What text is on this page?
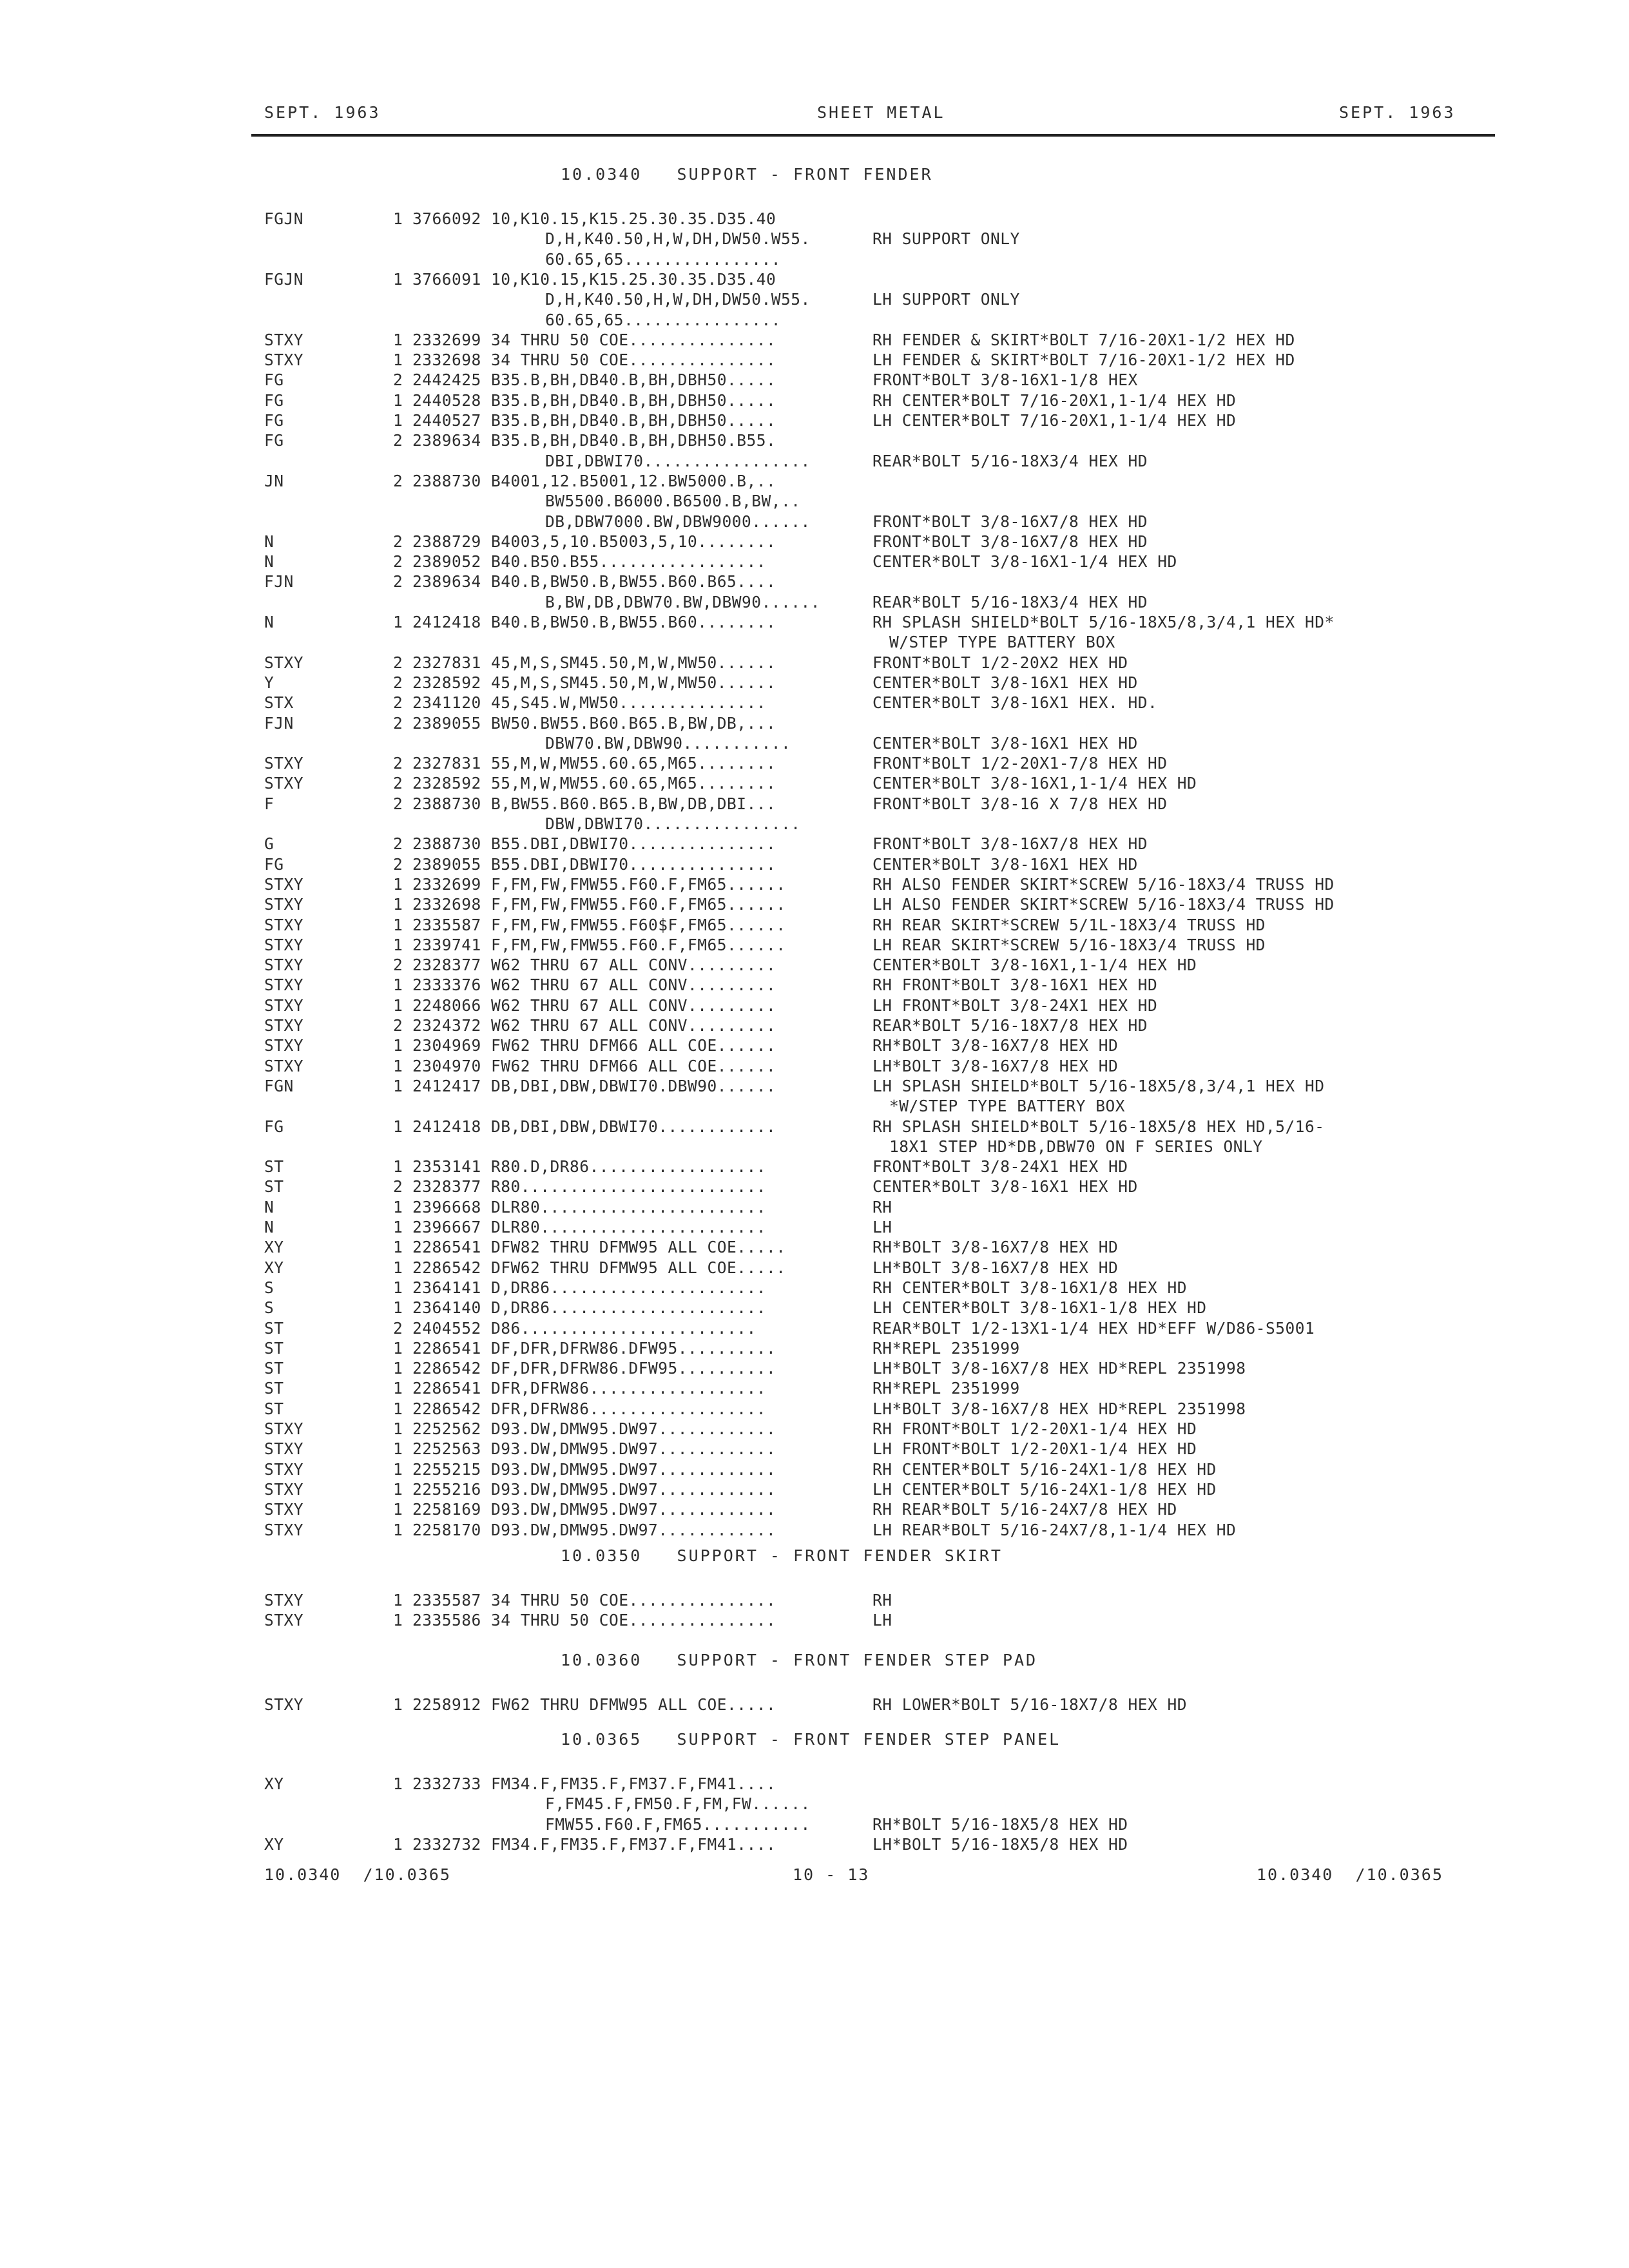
SEPT. 1963	SHEET METAL	SEPT. 1963
10.0340   SUPPORT - FRONT FENDER
FGJN	1 3766092 10,K10.15,K15.25.30.35.D35.40
D,H,K40.50,H,W,DH,DW50.W55.	RH SUPPORT ONLY
60.65,65................
FGJN	1 3766091 10,K10.15,K15.25.30.35.D35.40
D,H,K40.50,H,W,DH,DW50.W55.	LH SUPPORT ONLY
60.65,65................
STXY	1 2332699 34 THRU 50 COE...............	RH FENDER & SKIRT*BOLT 7/16-20X1-1/2 HEX HD
STXY	1 2332698 34 THRU 50 COE...............	LH FENDER & SKIRT*BOLT 7/16-20X1-1/2 HEX HD
FG	2 2442425 B35.B,BH,DB40.B,BH,DBH50.....	FRONT*BOLT 3/8-16X1-1/8 HEX
FG	1 2440528 B35.B,BH,DB40.B,BH,DBH50.....	RH CENTER*BOLT 7/16-20X1,1-1/4 HEX HD
FG	1 2440527 B35.B,BH,DB40.B,BH,DBH50.....	LH CENTER*BOLT 7/16-20X1,1-1/4 HEX HD
FG	2 2389634 B35.B,BH,DB40.B,BH,DBH50.B55.
DBI,DBWI70.................	REAR*BOLT 5/16-18X3/4 HEX HD
JN	2 2388730 B4001,12.B5001,12.BW5000.B,..
BW5500.B6000.B6500.B,BW,..
DB,DBW7000.BW,DBW9000......	FRONT*BOLT 3/8-16X7/8 HEX HD
N	2 2388729 B4003,5,10.B5003,5,10........	FRONT*BOLT 3/8-16X7/8 HEX HD
N	2 2389052 B40.B50.B55.................	CENTER*BOLT 3/8-16X1-1/4 HEX HD
FJN	2 2389634 B40.B,BW50.B,BW55.B60.B65....
B,BW,DB,DBW70.BW,DBW90......	REAR*BOLT 5/16-18X3/4 HEX HD
N	1 2412418 B40.B,BW50.B,BW55.B60........	RH SPLASH SHIELD*BOLT 5/16-18X5/8,3/4,1 HEX HD*
W/STEP TYPE BATTERY BOX
STXY	2 2327831 45,M,S,SM45.50,M,W,MW50......	FRONT*BOLT 1/2-20X2 HEX HD
Y	2 2328592 45,M,S,SM45.50,M,W,MW50......	CENTER*BOLT 3/8-16X1 HEX HD
STX	2 2341120 45,S45.W,MW50...............	CENTER*BOLT 3/8-16X1 HEX. HD.
FJN	2 2389055 BW50.BW55.B60.B65.B,BW,DB,...
DBW70.BW,DBW90...........	CENTER*BOLT 3/8-16X1 HEX HD
STXY	2 2327831 55,M,W,MW55.60.65,M65........	FRONT*BOLT 1/2-20X1-7/8 HEX HD
STXY	2 2328592 55,M,W,MW55.60.65,M65........	CENTER*BOLT 3/8-16X1,1-1/4 HEX HD
F	2 2388730 B,BW55.B60.B65.B,BW,DB,DBI...	FRONT*BOLT 3/8-16 X 7/8 HEX HD
DBW,DBWI70................
G	2 2388730 B55.DBI,DBWI70...............	FRONT*BOLT 3/8-16X7/8 HEX HD
FG	2 2389055 B55.DBI,DBWI70...............	CENTER*BOLT 3/8-16X1 HEX HD
STXY	1 2332699 F,FM,FW,FMW55.F60.F,FM65......	RH ALSO FENDER SKIRT*SCREW 5/16-18X3/4 TRUSS HD
STXY	1 2332698 F,FM,FW,FMW55.F60.F,FM65......	LH ALSO FENDER SKIRT*SCREW 5/16-18X3/4 TRUSS HD
STXY	1 2335587 F,FM,FW,FMW55.F60$F,FM65......	RH REAR SKIRT*SCREW 5/1L-18X3/4 TRUSS HD
STXY	1 2339741 F,FM,FW,FMW55.F60.F,FM65......	LH REAR SKIRT*SCREW 5/16-18X3/4 TRUSS HD
STXY	2 2328377 W62 THRU 67 ALL CONV.........	CENTER*BOLT 3/8-16X1,1-1/4 HEX HD
STXY	1 2333376 W62 THRU 67 ALL CONV.........	RH FRONT*BOLT 3/8-16X1 HEX HD
STXY	1 2248066 W62 THRU 67 ALL CONV.........	LH FRONT*BOLT 3/8-24X1 HEX HD
STXY	2 2324372 W62 THRU 67 ALL CONV.........	REAR*BOLT 5/16-18X7/8 HEX HD
STXY	1 2304969 FW62 THRU DFM66 ALL COE......	RH*BOLT 3/8-16X7/8 HEX HD
STXY	1 2304970 FW62 THRU DFM66 ALL COE......	LH*BOLT 3/8-16X7/8 HEX HD
FGN	1 2412417 DB,DBI,DBW,DBWI70.DBW90......	LH SPLASH SHIELD*BOLT 5/16-18X5/8,3/4,1 HEX HD
*W/STEP TYPE BATTERY BOX
FG	1 2412418 DB,DBI,DBW,DBWI70............	RH SPLASH SHIELD*BOLT 5/16-18X5/8 HEX HD,5/16-
18X1 STEP HD*DB,DBW70 ON F SERIES ONLY
ST	1 2353141 R80.D,DR86..................	FRONT*BOLT 3/8-24X1 HEX HD
ST	2 2328377 R80.........................	CENTER*BOLT 3/8-16X1 HEX HD
N	1 2396668 DLR80.......................	RH
N	1 2396667 DLR80.......................	LH
XY	1 2286541 DFW82 THRU DFMW95 ALL COE.....	RH*BOLT 3/8-16X7/8 HEX HD
XY	1 2286542 DFW62 THRU DFMW95 ALL COE.....	LH*BOLT 3/8-16X7/8 HEX HD
S	1 2364141 D,DR86......................	RH CENTER*BOLT 3/8-16X1/8 HEX HD
S	1 2364140 D,DR86......................	LH CENTER*BOLT 3/8-16X1-1/8 HEX HD
ST	2 2404552 D86........................	REAR*BOLT 1/2-13X1-1/4 HEX HD*EFF W/D86-S5001
ST	1 2286541 DF,DFR,DFRW86.DFW95..........	RH*REPL 2351999
ST	1 2286542 DF,DFR,DFRW86.DFW95..........	LH*BOLT 3/8-16X7/8 HEX HD*REPL 2351998
ST	1 2286541 DFR,DFRW86..................	RH*REPL 2351999
ST	1 2286542 DFR,DFRW86..................	LH*BOLT 3/8-16X7/8 HEX HD*REPL 2351998
STXY	1 2252562 D93.DW,DMW95.DW97............	RH FRONT*BOLT 1/2-20X1-1/4 HEX HD
STXY	1 2252563 D93.DW,DMW95.DW97............	LH FRONT*BOLT 1/2-20X1-1/4 HEX HD
STXY	1 2255215 D93.DW,DMW95.DW97............	RH CENTER*BOLT 5/16-24X1-1/8 HEX HD
STXY	1 2255216 D93.DW,DMW95.DW97............	LH CENTER*BOLT 5/16-24X1-1/8 HEX HD
STXY	1 2258169 D93.DW,DMW95.DW97............	RH REAR*BOLT 5/16-24X7/8 HEX HD
STXY	1 2258170 D93.DW,DMW95.DW97............	LH REAR*BOLT 5/16-24X7/8,1-1/4 HEX HD
10.0350   SUPPORT - FRONT FENDER SKIRT
STXY	1 2335587 34 THRU 50 COE...............	RH
STXY	1 2335586 34 THRU 50 COE...............	LH
10.0360   SUPPORT - FRONT FENDER STEP PAD
STXY	1 2258912 FW62 THRU DFMW95 ALL COE.....	RH LOWER*BOLT 5/16-18X7/8 HEX HD
10.0365   SUPPORT - FRONT FENDER STEP PANEL
XY	1 2332733 FM34.F,FM35.F,FM37.F,FM41....
F,FM45.F,FM50.F,FM,FW......
FMW55.F60.F,FM65...........	RH*BOLT 5/16-18X5/8 HEX HD
XY	1 2332732 FM34.F,FM35.F,FM37.F,FM41....	LH*BOLT 5/16-18X5/8 HEX HD
10.0340  /10.0365	10 - 13	10.0340  /10.0365
